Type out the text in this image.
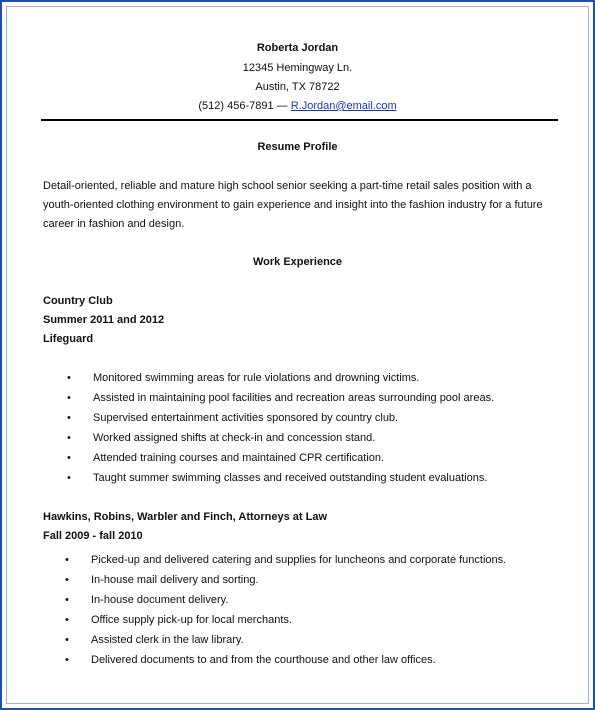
Roberta Jordan
12345 Hemingway Ln.
Austin, TX 78722
(512) 456-7891 — R.Jordan@email.com
Resume Profile
Detail-oriented, reliable and mature high school senior seeking a part-time retail sales position with a youth-oriented clothing environment to gain experience and insight into the fashion industry for a future career in fashion and design.
Work Experience
Country Club
Summer 2011 and 2012
Lifeguard
• Monitored swimming areas for rule violations and drowning victims.
• Assisted in maintaining pool facilities and recreation areas surrounding pool areas.
• Supervised entertainment activities sponsored by country club.
• Worked assigned shifts at check-in and concession stand.
• Attended training courses and maintained CPR certification.
• Taught summer swimming classes and received outstanding student evaluations.
Hawkins, Robins, Warbler and Finch, Attorneys at Law
Fall 2009 - fall 2010
• Picked-up and delivered catering and supplies for luncheons and corporate functions.
• In-house mail delivery and sorting.
• In-house document delivery.
• Office supply pick-up for local merchants.
• Assisted clerk in the law library.
• Delivered documents to and from the courthouse and other law offices.
